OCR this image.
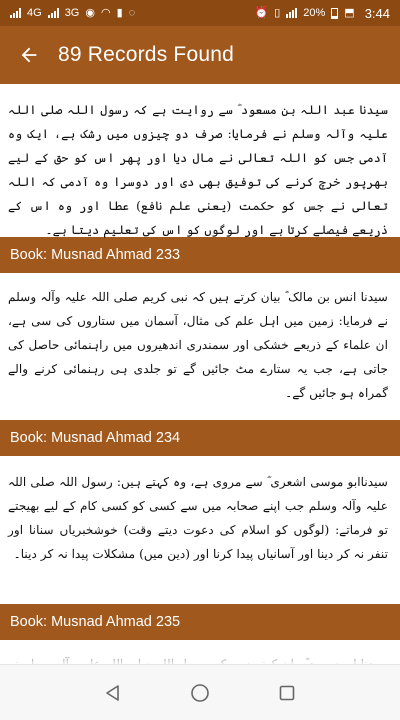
4G 3G ◉ ◠ ▮ ◌	⏰ ▯ 20% ⬒ 3:44
89 Records Found
سیدنا عبد اللہ بن مسعود ؓ سے روایت ہے کہ رسول اللہ صلی اللہ علیہ وآلہ وسلم نے فرمایا: صرف دو چیزوں میں رشک ہے، ایک وہ آدمی جس کو اللہ تعالی نے مال دیا اور پھر اس کو حق کے لیے بھرپور خرچ کرنے کی توفیق بھی دی اور دوسرا وہ آدمی کہ اللہ تعالی نے جس کو حکمت (یعنی علم نافع) عطا اور وہ اس کے ذریعے فیصلے کرتا ہے اور لوگوں کو اس کی تعلیم دیتا ہے۔
Book: Musnad Ahmad 233
سیدنا انس بن مالک ؓ بیان کرتے ہیں کہ نبی کریم صلی اللہ علیہ وآلہ وسلم نے فرمایا: زمین میں اہل علم کی مثال، آسمان میں ستاروں کی سی ہے، ان علماء کے ذریعے خشکی اور سمندری اندھیروں میں راہنمائی حاصل کی جاتی ہے، جب یہ ستارے مٹ جائیں گے تو جلدی ہی رہنمائی کرنے والے گمراہ ہو جائیں گے۔
Book: Musnad Ahmad 234
سیدناابو موسی اشعری ؓ سے مروی ہے، وہ کہتے ہیں: رسول اللہ صلی اللہ علیہ وآلہ وسلم جب اپنے صحابہ میں سے کسی کو کسی کام کے لیے بھیجتے تو فرماتے: (لوگوں کو اسلام کی دعوت دیتے وقت) خوشخبریاں سنانا اور تنفر نہ کر دینا اور آسانیاں پیدا کرنا اور (دین میں) مشکلات پیدا نہ کر دینا۔
Book: Musnad Ahmad 235
